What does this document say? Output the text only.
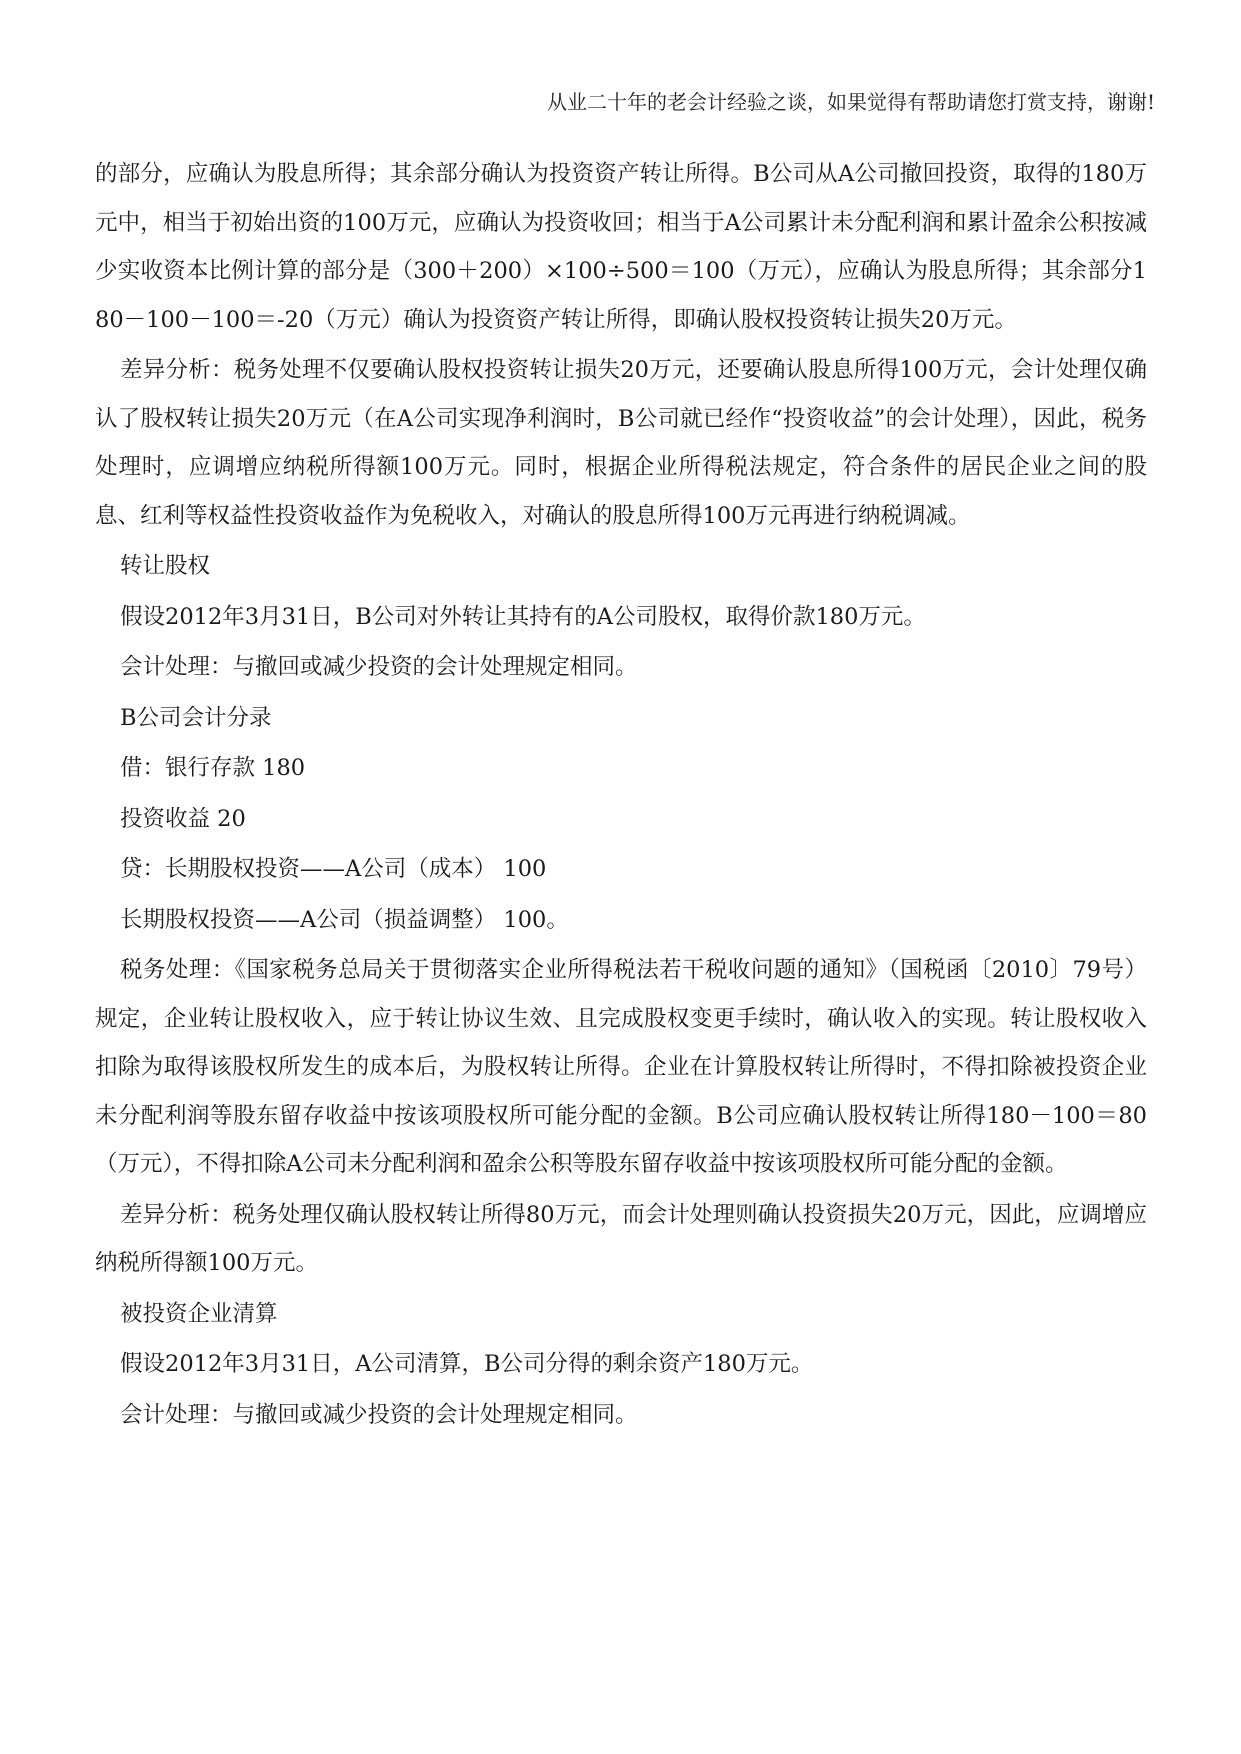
从业二十年的老会计经验之谈，如果觉得有帮助请您打赏支持，谢谢!

的部分，应确认为股息所得；其余部分确认为投资资产转让所得。B公司从A公司撤回投资，取得的180万元中，相当于初始出资的100万元，应确认为投资收回；相当于A公司累计未分配利润和累计盈余公积按减少实收资本比例计算的部分是（300＋200）×100÷500＝100（万元），应确认为股息所得；其余部分180－100－100＝-20（万元）确认为投资资产转让所得，即确认股权投资转让损失20万元。

差异分析：税务处理不仅要确认股权投资转让损失20万元，还要确认股息所得100万元，会计处理仅确认了股权转让损失20万元（在A公司实现净利润时，B公司就已经作“投资收益”的会计处理），因此，税务处理时，应调增应纳税所得额100万元。同时，根据企业所得税法规定，符合条件的居民企业之间的股息、红利等权益性投资收益作为免税收入，对确认的股息所得100万元再进行纳税调减。

转让股权

假设2012年3月31日，B公司对外转让其持有的A公司股权，取得价款180万元。

会计处理：与撤回或减少投资的会计处理规定相同。

B公司会计分录

借：银行存款 180

投资收益 20

贷：长期股权投资——A公司（成本） 100

长期股权投资——A公司（损益调整） 100。

税务处理：《国家税务总局关于贯彻落实企业所得税法若干税收问题的通知》（国税函〔2010〕79号）规定，企业转让股权收入，应于转让协议生效、且完成股权变更手续时，确认收入的实现。转让股权收入扣除为取得该股权所发生的成本后，为股权转让所得。企业在计算股权转让所得时，不得扣除被投资企业未分配利润等股东留存收益中按该项股权所可能分配的金额。B公司应确认股权转让所得180－100＝80（万元），不得扣除A公司未分配利润和盈余公积等股东留存收益中按该项股权所可能分配的金额。

差异分析：税务处理仅确认股权转让所得80万元，而会计处理则确认投资损失20万元，因此，应调增应纳税所得额100万元。

被投资企业清算

假设2012年3月31日，A公司清算，B公司分得的剩余资产180万元。

会计处理：与撤回或减少投资的会计处理规定相同。
